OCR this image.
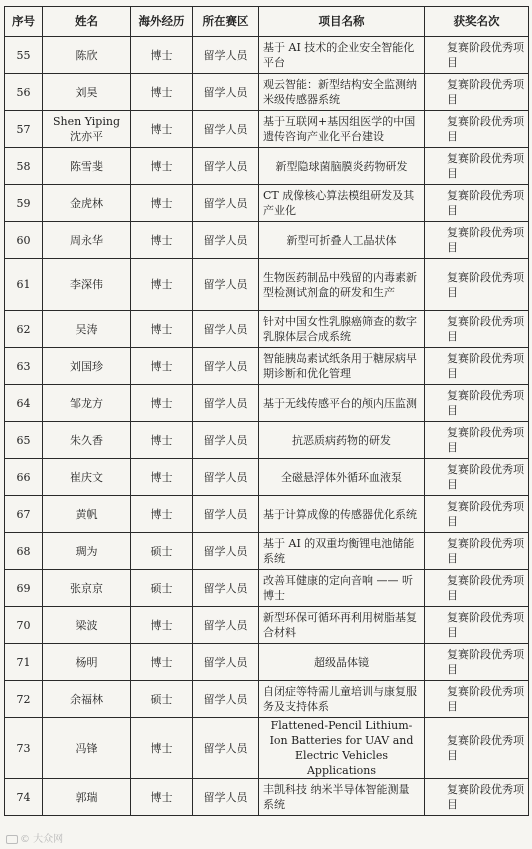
序号	姓名	海外经历	所在赛区	项目名称	获奖名次
55	陈欣	博士	留学人员	基于 AI 技术的企业安全智能化平台	复赛阶段优秀项目
56	刘昊	博士	留学人员	观云智能：新型结构安全监测纳米级传感器系统	复赛阶段优秀项目
57	Shen Yiping 沈亦平	博士	留学人员	基于互联网+基因组医学的中国遗传咨询产业化平台建设	复赛阶段优秀项目
58	陈雪斐	博士	留学人员	新型隐球菌脑膜炎药物研发	复赛阶段优秀项目
59	金虎林	博士	留学人员	CT 成像核心算法模组研发及其产业化	复赛阶段优秀项目
60	周永华	博士	留学人员	新型可折叠人工晶状体	复赛阶段优秀项目
61	李深伟	博士	留学人员	生物医药制品中残留的内毒素新型检测试剂盒的研发和生产	复赛阶段优秀项目
62	吴涛	博士	留学人员	针对中国女性乳腺癌筛查的数字乳腺体层合成系统	复赛阶段优秀项目
63	刘国珍	博士	留学人员	智能胰岛素试纸条用于糖尿病早期诊断和优化管理	复赛阶段优秀项目
64	邹龙方	博士	留学人员	基于无线传感平台的颅内压监测	复赛阶段优秀项目
65	朱久香	博士	留学人员	抗恶质病药物的研发	复赛阶段优秀项目
66	崔庆文	博士	留学人员	全磁悬浮体外循环血液泵	复赛阶段优秀项目
67	黄帆	博士	留学人员	基于计算成像的传感器优化系统	复赛阶段优秀项目
68	琱为	硕士	留学人员	基于 AI 的双重均衡锂电池储能系统	复赛阶段优秀项目
69	张京京	硕士	留学人员	改善耳健康的定向音响 —— 听博士	复赛阶段优秀项目
70	梁波	博士	留学人员	新型环保可循环再利用树脂基复合材料	复赛阶段优秀项目
71	杨明	博士	留学人员	超级晶体镜	复赛阶段优秀项目
72	余福林	硕士	留学人员	自闭症等特需儿童培训与康复服务及支持体系	复赛阶段优秀项目
73	冯锋	博士	留学人员	Flattened-Pencil Lithium-Ion Batteries for UAV and Electric Vehicles Applications	复赛阶段优秀项目
74	郭瑞	博士	留学人员	丰凯科技 纳米半导体智能测量系统	复赛阶段优秀项目
© 大众网
